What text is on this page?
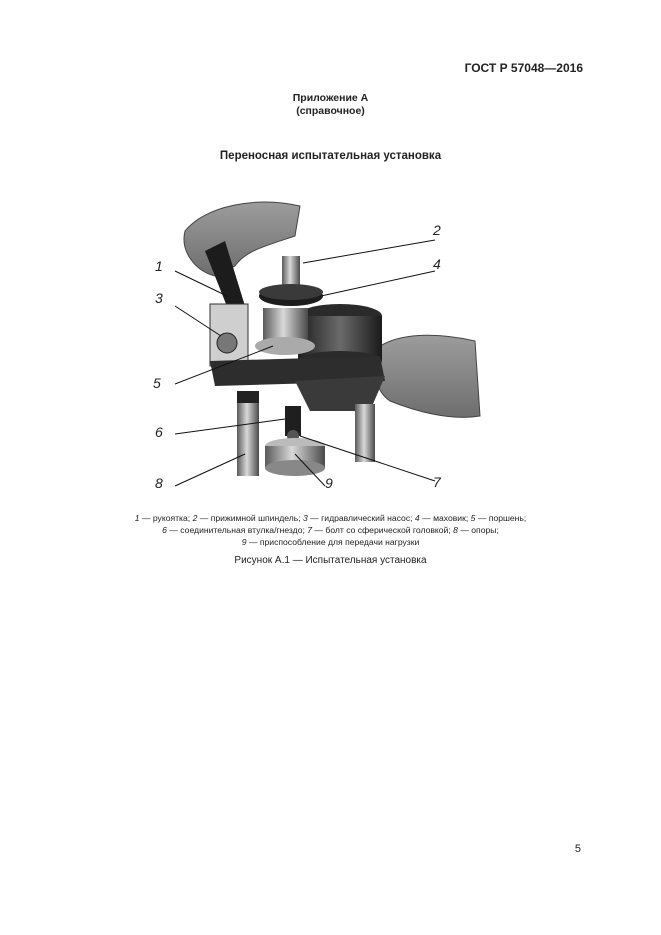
ГОСТ Р 57048—2016
Приложение А
(справочное)
Переносная испытательная установка
1
2
3
4
5
6
7
8	9
1 — рукоятка; 2 — прижимной шпиндель; 3 — гидравлический насос; 4 — маховик; 5 — поршень;
6 — соединительная втулка/гнездо; 7 — болт со сферической головкой; 8 — опоры;
9 — приспособление для передачи нагрузки
Рисунок А.1 — Испытательная установка
5
